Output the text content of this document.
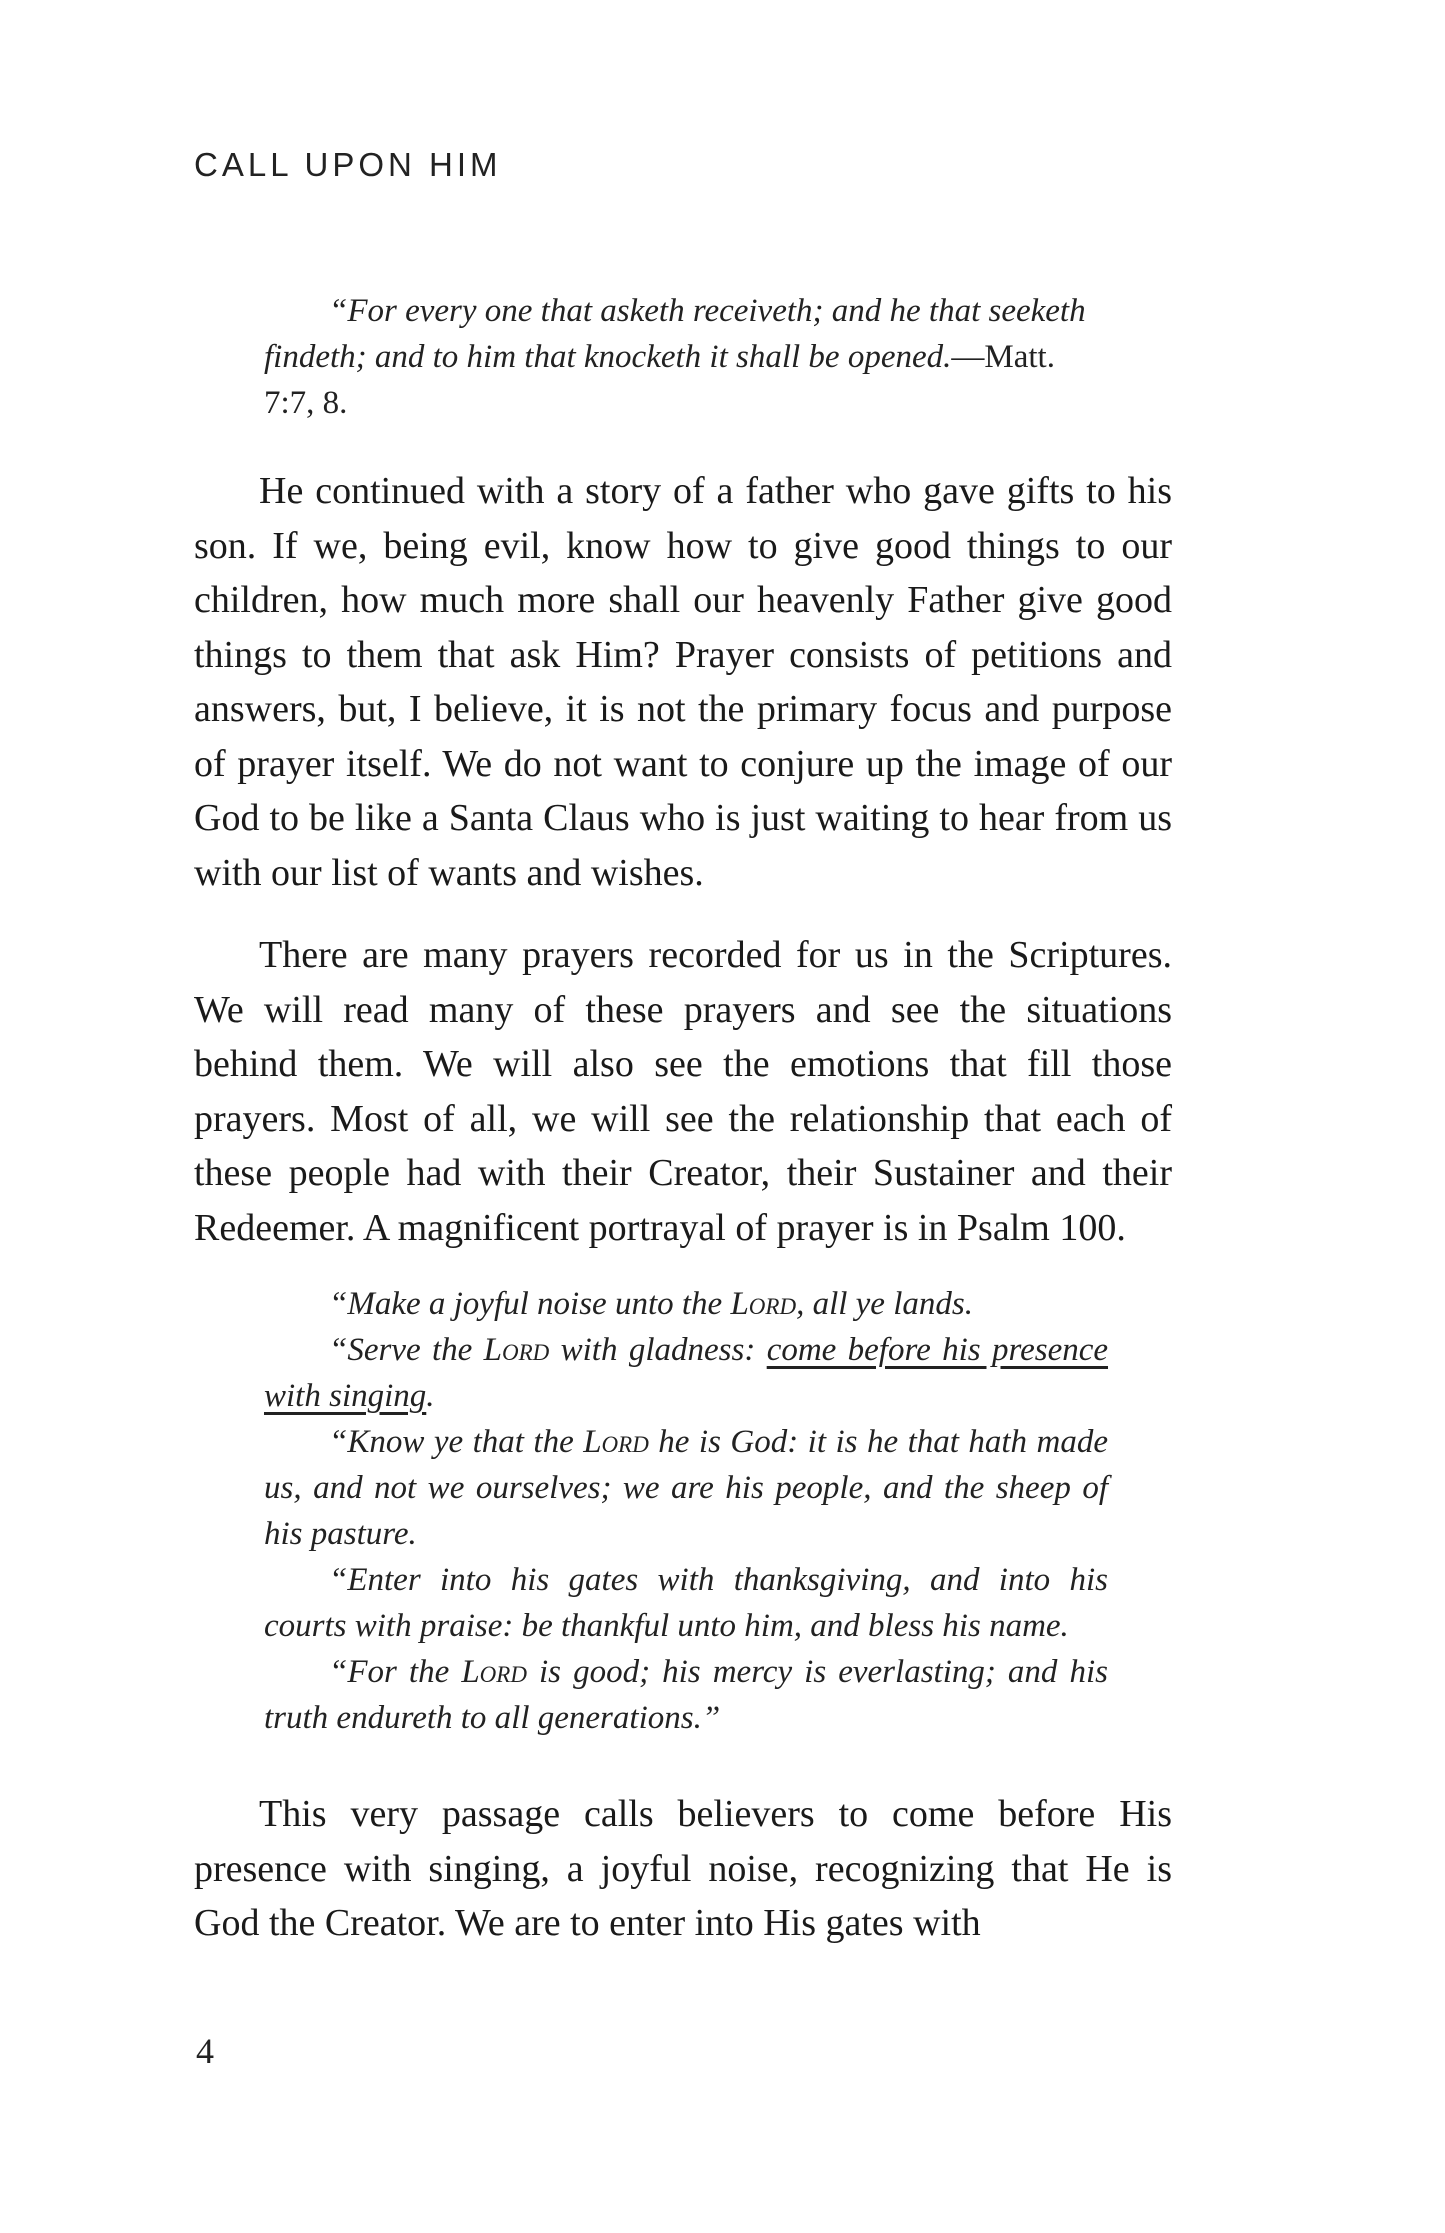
CALL UPON HIM

“For every one that asketh receiveth; and he that seeketh findeth; and to him that knocketh it shall be opened.—Matt. 7:7, 8.

He continued with a story of a father who gave gifts to his son. If we, being evil, know how to give good things to our children, how much more shall our heavenly Father give good things to them that ask Him? Prayer consists of petitions and answers, but, I believe, it is not the primary focus and purpose of prayer itself. We do not want to conjure up the image of our God to be like a Santa Claus who is just waiting to hear from us with our list of wants and wishes.

There are many prayers recorded for us in the Scriptures. We will read many of these prayers and see the situations behind them. We will also see the emotions that fill those prayers. Most of all, we will see the relationship that each of these people had with their Creator, their Sustainer and their Redeemer. A magnificent portrayal of prayer is in Psalm 100.

“Make a joyful noise unto the Lord, all ye lands.

“Serve the Lord with gladness: come before his presence with singing.

“Know ye that the Lord he is God: it is he that hath made us, and not we ourselves; we are his people, and the sheep of his pasture.

“Enter into his gates with thanksgiving, and into his courts with praise: be thankful unto him, and bless his name.

“For the Lord is good; his mercy is everlasting; and his truth endureth to all generations.”

This very passage calls believers to come before His presence with singing, a joyful noise, recognizing that He is God the Creator. We are to enter into His gates with

4
